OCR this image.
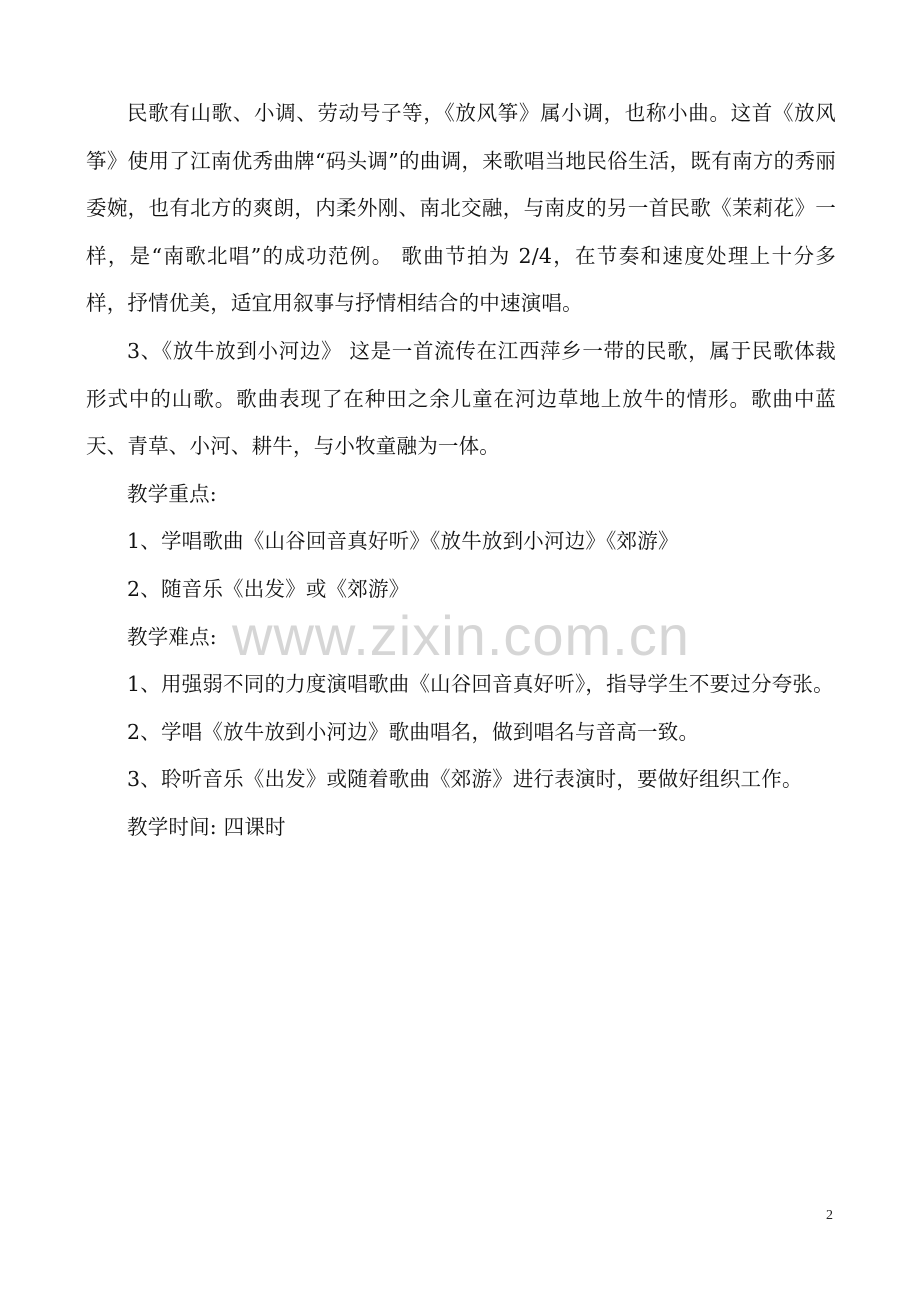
民歌有山歌、小调、劳动号子等，《放风筝》属小调，也称小曲。这首《放风筝》使用了江南优秀曲牌“码头调”的曲调，来歌唱当地民俗生活，既有南方的秀丽委婉，也有北方的爽朗，内柔外刚、南北交融，与南皮的另一首民歌《茉莉花》一样，是“南歌北唱”的成功范例。 歌曲节拍为 2/4，在节奏和速度处理上十分多样，抒情优美，适宜用叙事与抒情相结合的中速演唱。

3、《放牛放到小河边》 这是一首流传在江西萍乡一带的民歌，属于民歌体裁形式中的山歌。歌曲表现了在种田之余儿童在河边草地上放牛的情形。歌曲中蓝天、青草、小河、耕牛，与小牧童融为一体。

教学重点:

1、学唱歌曲《山谷回音真好听》《放牛放到小河边》《郊游》

2、随音乐《出发》或《郊游》

教学难点:

1、用强弱不同的力度演唱歌曲《山谷回音真好听》，指导学生不要过分夸张。

2、学唱《放牛放到小河边》歌曲唱名，做到唱名与音高一致。

3、聆听音乐《出发》或随着歌曲《郊游》进行表演时，要做好组织工作。

教学时间: 四课时

www.zixin.com.cn
2
